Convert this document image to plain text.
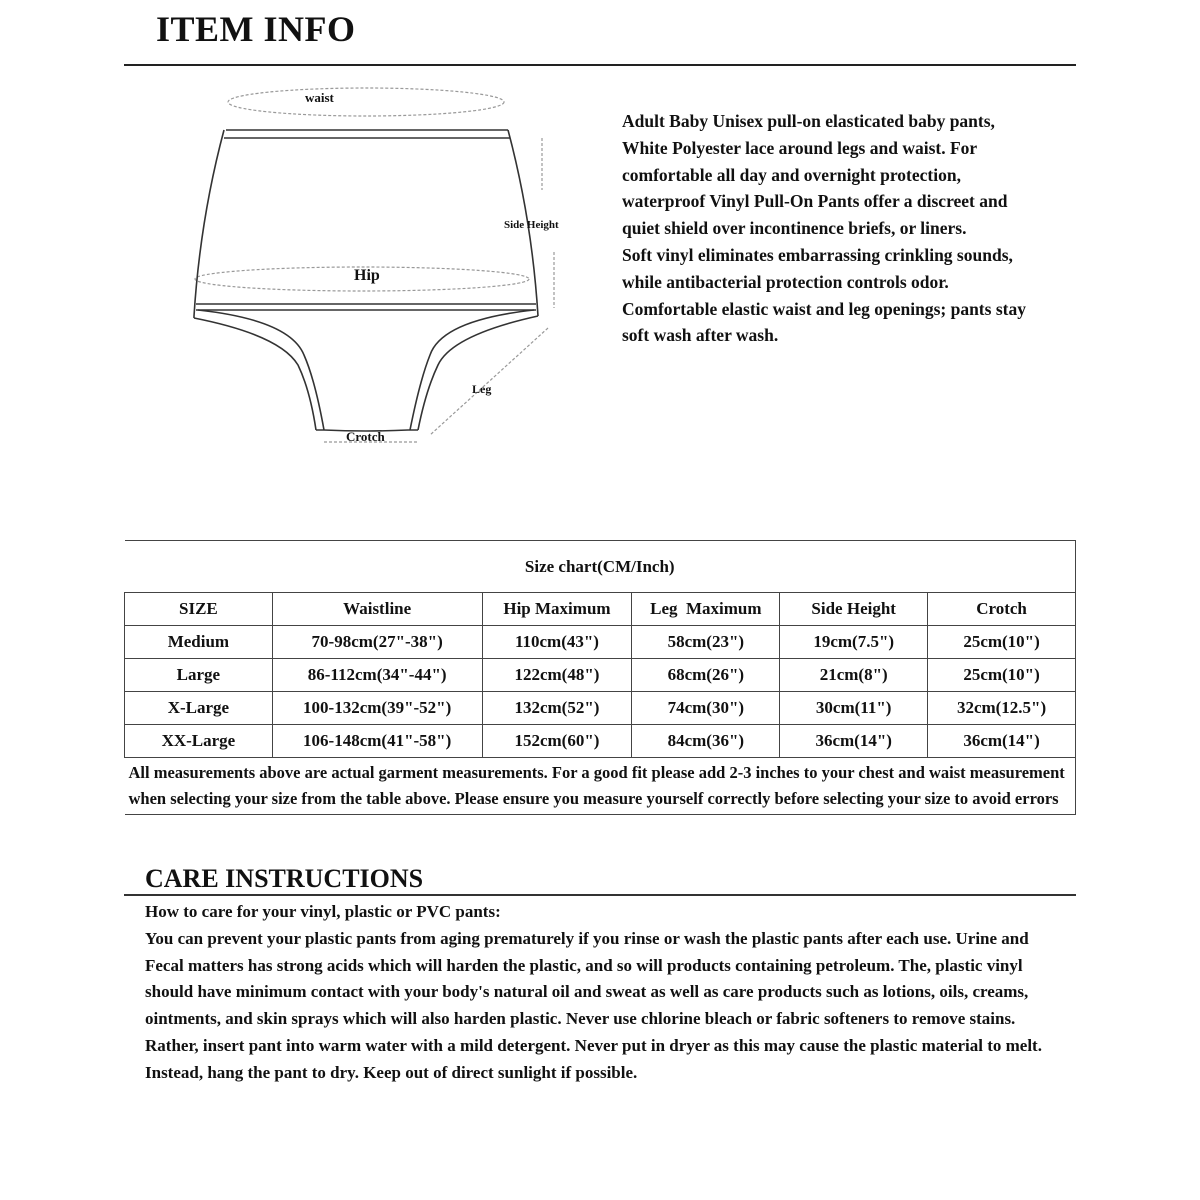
ITEM INFO
waist
Side Height
Hip
Leg
Crotch

Adult Baby Unisex pull-on elasticated baby pants, White Polyester lace around legs and waist. For comfortable all day and overnight protection, waterproof Vinyl Pull-On Pants offer a discreet and quiet shield over incontinence briefs, or liners.

Soft vinyl eliminates embarrassing crinkling sounds, while antibacterial protection controls odor. Comfortable elastic waist and leg openings; pants stay soft wash after wash.

Size chart(CM/Inch)					
SIZE	Waistline	Hip Maximum	Leg  Maximum	Side Height	Crotch
Medium	70-98cm(27"-38")	110cm(43")	58cm(23")	19cm(7.5")	25cm(10")
Large	86-112cm(34"-44")	122cm(48")	68cm(26")	21cm(8")	25cm(10")
X-Large	100-132cm(39"-52")	132cm(52")	74cm(30")	30cm(11")	32cm(12.5")
XX-Large	106-148cm(41"-58")	152cm(60")	84cm(36")	36cm(14")	36cm(14")
All measurements above are actual garment measurements. For a good fit please add 2-3 inches to your chest and waist measurement when selecting your size from the table above. Please ensure you measure yourself correctly before selecting your size to avoid errors					
CARE INSTRUCTIONS

How to care for your vinyl, plastic or PVC pants:

You can prevent your plastic pants from aging prematurely if you rinse or wash the plastic pants after each use. Urine and Fecal matters has strong acids which will harden the plastic, and so will products containing petroleum. The, plastic vinyl should have minimum contact with your body's natural oil and sweat as well as care products such as lotions, oils, creams, ointments, and skin sprays which will also harden plastic. Never use chlorine bleach or fabric softeners to remove stains. Rather, insert pant into warm water with a mild detergent. Never put in dryer as this may cause the plastic material to melt. Instead, hang the pant to dry. Keep out of direct sunlight if possible.
